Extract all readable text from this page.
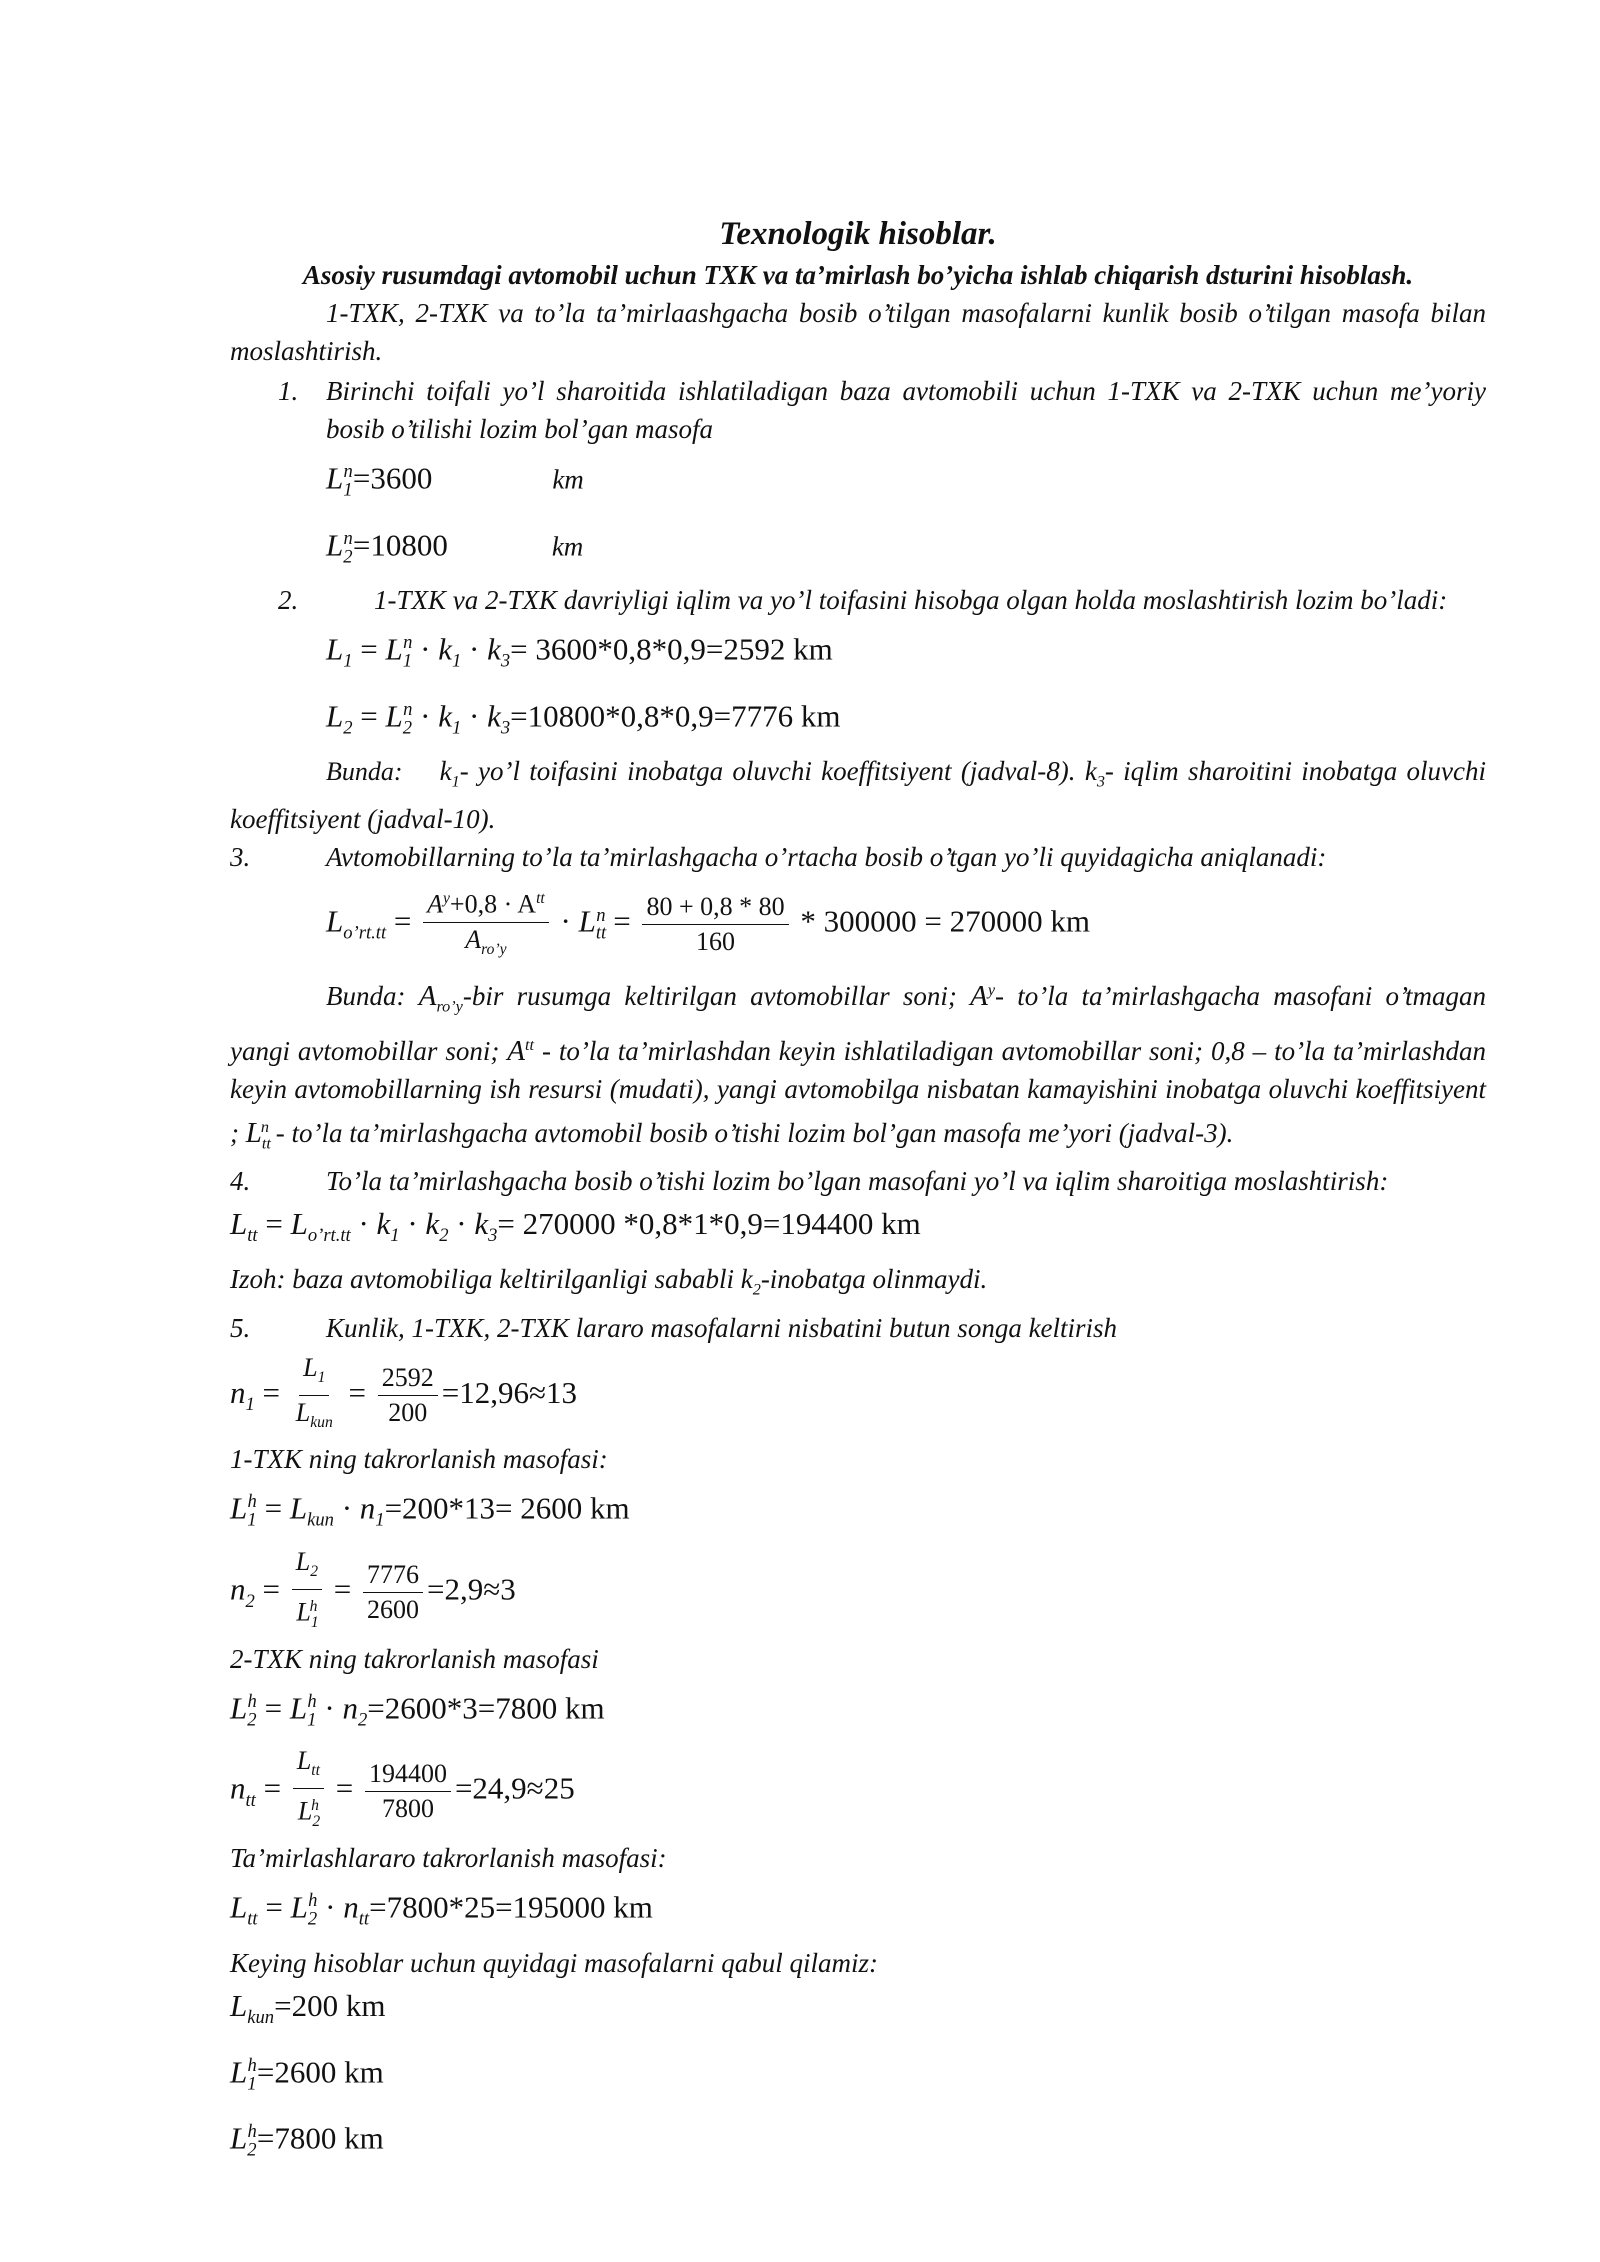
Texnologik hisoblar.
Asosiy rusumdagi avtomobil uchun TXK va ta’mirlash bo’yicha ishlab chiqarish dsturini hisoblash.

1-TXK, 2-TXK va to’la ta’mirlaashgacha bosib o’tilgan masofalarni kunlik bosib o’tilgan masofa bilan moslashtirish.

1.	Birinchi toifali yo’l sharoitida ishlatiladigan baza avtomobili uchun 1-TXK va 2-TXK uchun me’yoriy bosib o’tilishi lozim bol’gan masofa

$L_1^n=3600$	km
$L_2^n=10800$	km
2.	1-TXK va 2-TXK davriyligi iqlim va yo’l toifasini hisobga olgan holda moslashtirish lozim bo’ladi:

$L_1 = L_1^n \cdot k_1 \cdot k_3= 3600*0,8*0,9=2592$ km
$L_2 = L_2^n \cdot k_1 \cdot k_3=10800*0,8*0,9=7776$ km

Bunda:    $k_1-$ yo’l toifasini inobatga oluvchi koeffitsiyent (jadval-8). $k_3-$ iqlim sharoitini inobatga oluvchi koeffitsiyent (jadval-10).

3.	Avtomobillarning to’la ta’mirlashgacha o’rtacha bosib o’tgan yo’li quyidagicha aniqlanadi:

$L_{o’rt.tt} = \frac{A^y+0,8 \cdot A^{tt}}{A_{ro’y}} \cdot L_{tt}^n = \frac{80 + 0,8 * 80}{160} * 300000 = 270000$ km

Bunda: $A_{ro’y}$-bir rusumga keltirilgan avtomobillar soni; $A^y-$ to’la ta’mirlashgacha masofani o’tmagan yangi avtomobillar soni; $A^{tt}$ - to’la ta’mirlashdan keyin ishlatiladigan avtomobillar soni; 0,8 – to’la ta’mirlashdan keyin avtomobillarning ish resursi (mudati), yangi avtomobilga nisbatan kamayishini inobatga oluvchi koeffitsiyent ; $L_{tt}^n$ - to’la ta’mirlashgacha avtomobil bosib o’tishi lozim bol’gan masofa me’yori (jadval-3).

4.	To’la ta’mirlashgacha bosib o’tishi lozim bo’lgan masofani yo’l va iqlim sharoitiga moslashtirish:

$L_{tt} = L_{o’rt.tt} \cdot k_1 \cdot k_2 \cdot k_3= 270000$ *0,8*1*0,9=194400 km

Izoh: baza avtomobiliga keltirilganligi sababli $k_2$-inobatga olinmaydi.

5.	Kunlik, 1-TXK, 2-TXK lararo masofalarni nisbatini butun songa keltirish

$n_1 = \frac{L_1}{L_{kun}} = \frac{2592}{200} =12,96\approx 13$

1-TXK ning takrorlanish masofasi:

$L_1^h = L_{kun} \cdot n_1=200*13= 2600$ km
$n_2 = \frac{L_2}{L_1^h} = \frac{7776}{2600} =2,9\approx 3$

2-TXK ning takrorlanish masofasi

$L_2^h = L_1^h \cdot n_2=2600*3=7800$ km
$n_{tt} = \frac{L_{tt}}{L_2^h} = \frac{194400}{7800} =24,9\approx 25$

Ta’mirlashlararo takrorlanish masofasi:

$L_{tt} = L_2^h \cdot n_{tt}=7800*25=195000$ km

Keying hisoblar uchun quyidagi masofalarni qabul qilamiz:

$L_{kun}=200$ km
$L_1^h=2600$ km
$L_2^h=7800$ km
